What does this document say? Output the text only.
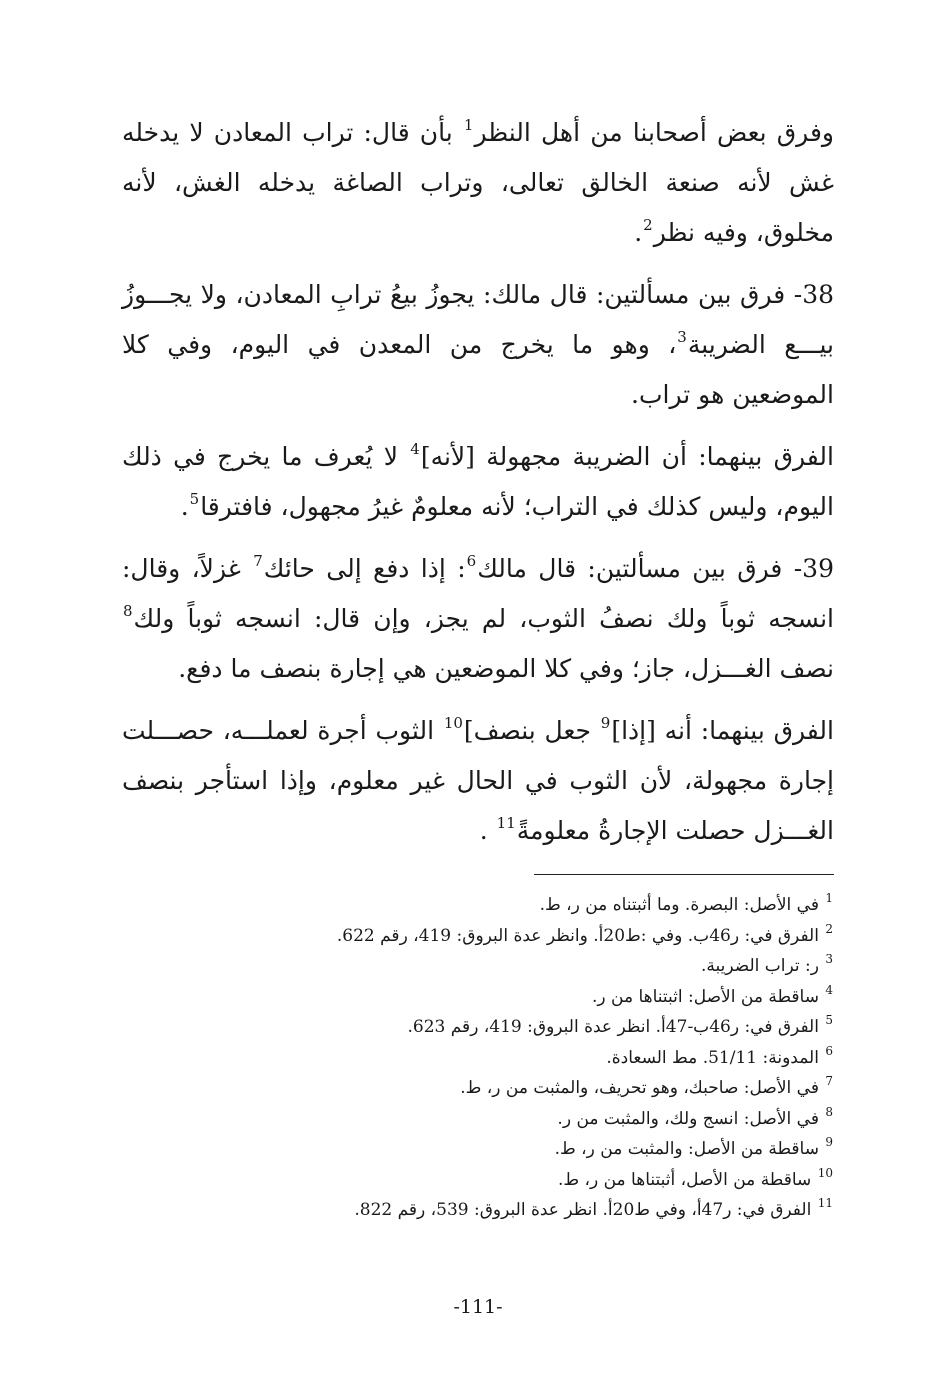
وفرق بعض أصحابنا من أهل النظر$^1$ بأن قال: تراب المعادن لا يدخله غش لأنه صنعة الخالق تعالى، وتراب الصاغة يدخله الغش، لأنه مخلوق، وفيه نظر$^2$.

38- فرق بين مسألتين: قال مالك: يجوزُ بيعُ ترابِ المعادن، ولا يجـــوزُ بيـــع الضريبة$^3$، وهو ما يخرج من المعدن في اليوم، وفي كلا الموضعين هو تراب.

الفرق بينهما: أن الضريبة مجهولة [لأنه]$^4$ لا يُعرف ما يخرج في ذلك اليوم، وليس كذلك في التراب؛ لأنه معلومٌ غيرُ مجهول، فافترقا$^5$.

39- فرق بين مسألتين: قال مالك$^6$: إذا دفع إلى حائك$^7$ غزلاً، وقال: انسجه ثوباً ولك نصفُ الثوب، لم يجز، وإن قال: انسجه ثوباً ولك$^8$ نصف الغـــزل، جاز؛ وفي كلا الموضعين هي إجارة بنصف ما دفع.

الفرق بينهما: أنه [إذا]$^9$ جعل بنصف]$^{10}$ الثوب أجرة لعملـــه، حصـــلت إجارة مجهولة، لأن الثوب في الحال غير معلوم، وإذا استأجر بنصف الغـــزل حصلت الإجارةُ معلومةً$^{11}$ .

$^1$ في الأصل: البصرة. وما أثبتناه من ر، ط.
$^2$ الفرق في: ر46ب. وفي :ط20أ. وانظر عدة البروق: 419، رقم 622.
$^3$ ر: تراب الضريبة.
$^4$ ساقطة من الأصل: اثبتناها من ر.
$^5$ الفرق في: ر46ب-47أ. انظر عدة البروق: 419، رقم 623.
$^6$ المدونة: 51/11. مط السعادة.
$^7$ في الأصل: صاحبك، وهو تحريف، والمثبت من ر، ط.
$^8$ في الأصل: انسج ولك، والمثبت من ر.
$^9$ ساقطة من الأصل: والمثبت من ر، ط.
$^{10}$ ساقطة من الأصل، أثبتناها من ر، ط.
$^{11}$ الفرق في: ر47أ، وفي ط20أ. انظر عدة البروق: 539، رقم 822.
-111-
